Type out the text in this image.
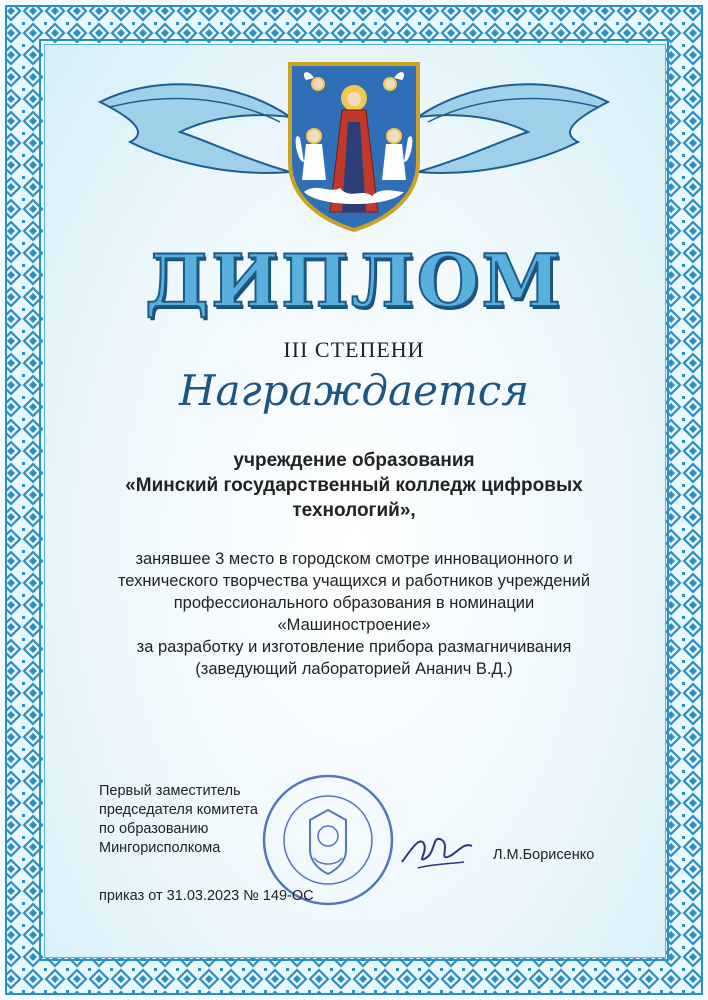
ДИПЛОМ
III СТЕПЕНИ
Награждается
учреждение образования
«Минский государственный колледж цифровых
технологий»,
занявшее 3 место в городском смотре инновационного и
технического творчества учащихся и работников учреждений
профессионального образования в номинации «Машиностроение»
за разработку и изготовление прибора размагничивания
(заведующий лабораторией Ананич В.Д.)
Первый заместитель
председателя комитета
по образованию
Мингорисполкома	Л.М.Борисенко
приказ от 31.03.2023 № 149-ОС
